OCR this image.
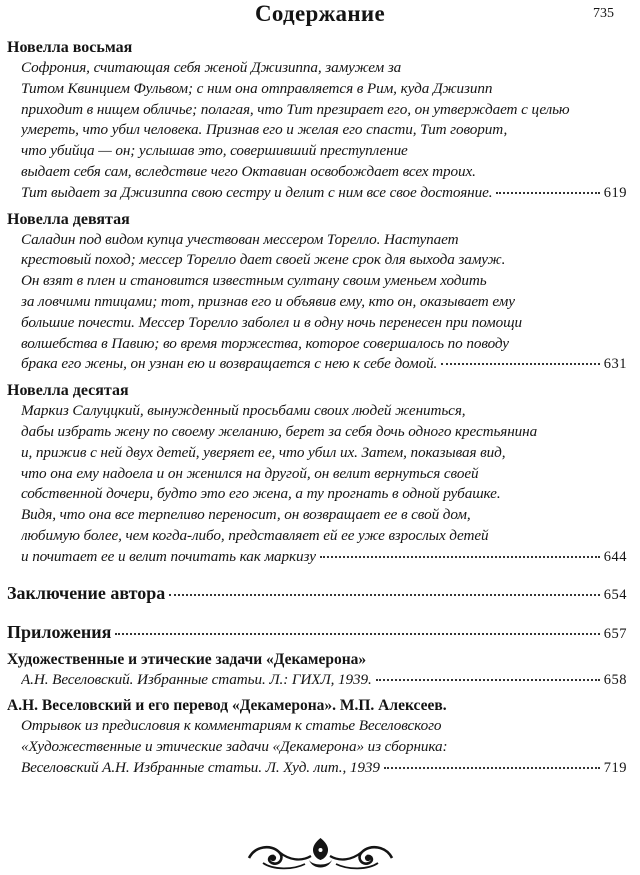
Содержание	735
Новелла восьмая
Софрония, считающая себя женой Джизиппа, замужем за
Титом Квинцием Фульвом; с ним она отправляется в Рим, куда Джизипп
приходит в нищем обличье; полагая, что Тит презирает его, он утверждает с целью
умереть, что убил человека. Признав его и желая его спасти, Тит говорит,
что убийца — он; услышав это, совершивший преступление
выдает себя сам, вследствие чего Октавиан освобождает всех троих.
Тит выдает за Джизиппа свою сестру и делит с ним все свое достояние.	619
Новелла девятая
Саладин под видом купца учествован мессером Торелло. Наступает
крестовый поход; мессер Торелло дает своей жене срок для выхода замуж.
Он взят в плен и становится известным султану своим уменьем ходить
за ловчими птицами; тот, признав его и объявив ему, кто он, оказывает ему
большие почести. Мессер Торелло заболел и в одну ночь перенесен при помощи
волшебства в Павию; во время торжества, которое совершалось по поводу
брака его жены, он узнан ею и возвращается с нею к себе домой.	631
Новелла десятая
Маркиз Салуццкий, вынужденный просьбами своих людей жениться,
дабы избрать жену по своему желанию, берет за себя дочь одного крестьянина
и, прижив с ней двух детей, уверяет ее, что убил их. Затем, показывая вид,
что она ему надоела и он женился на другой, он велит вернуться своей
собственной дочери, будто это его жена, а ту прогнать в одной рубашке.
Видя, что она все терпеливо переносит, он возвращает ее в свой дом,
любимую более, чем когда-либо, представляет ей ее уже взрослых детей
и почитает ее и велит почитать как маркизу	644
Заключение автора	654
Приложения	657
Художественные и этические задачи «Декамерона»
А.Н. Веселовский. Избранные статьи. Л.: ГИХЛ, 1939.	658
А.Н. Веселовский и его перевод «Декамерона». М.П. Алексеев.
Отрывок из предисловия к комментариям к статье Веселовского
«Художественные и этические задачи «Декамерона» из сборника:
Веселовский А.Н. Избранные статьи. Л. Худ. лит., 1939	719
